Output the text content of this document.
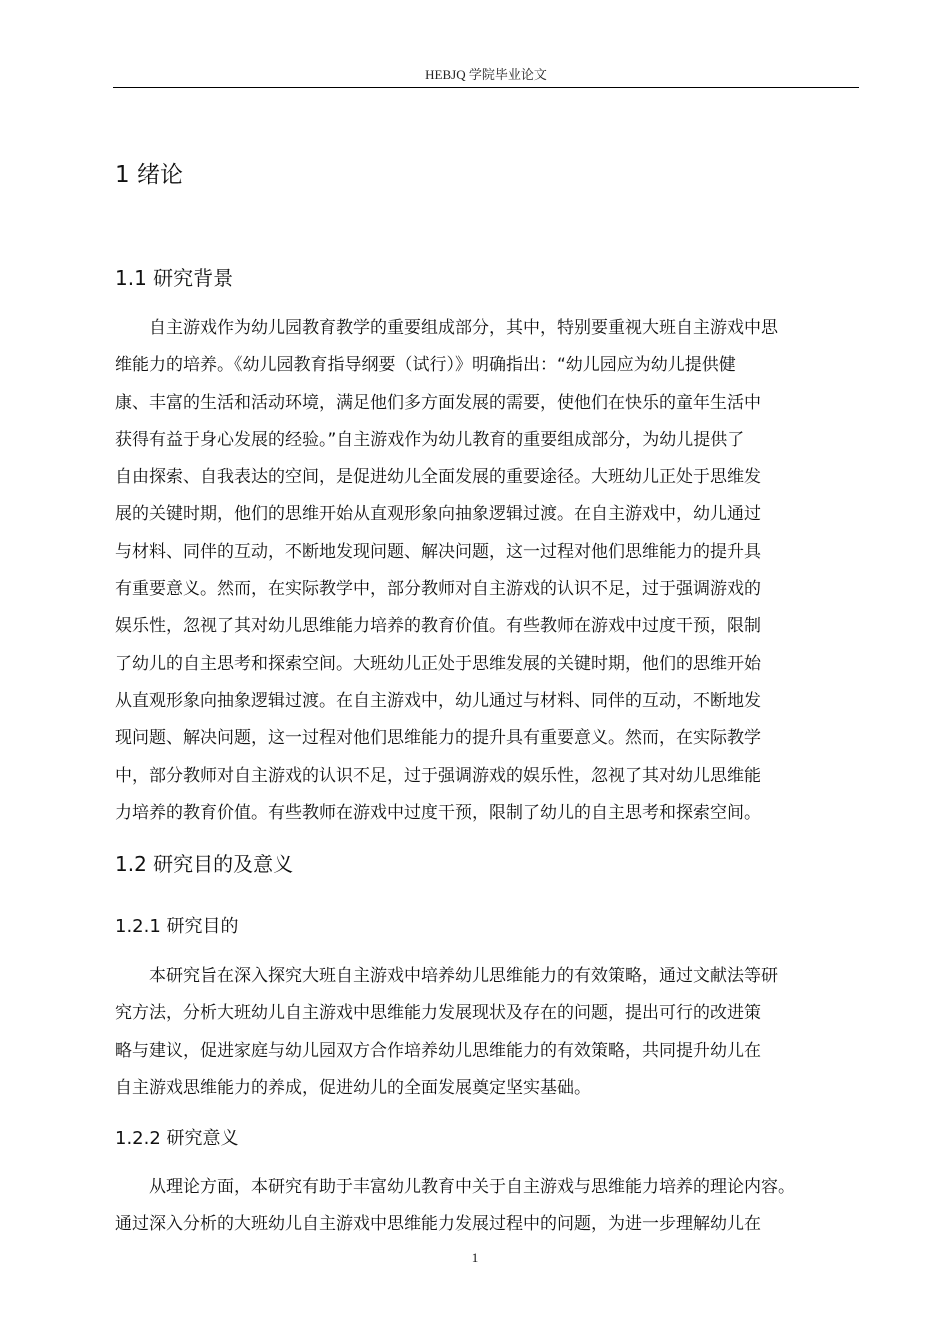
HEBJQ 学院毕业论文
1 绪论
1.1 研究背景
自主游戏作为幼儿园教育教学的重要组成部分，其中，特别要重视大班自主游戏中思
维能力的培养。《幼儿园教育指导纲要（试行）》明确指出：“幼儿园应为幼儿提供健
康、丰富的生活和活动环境，满足他们多方面发展的需要，使他们在快乐的童年生活中
获得有益于身心发展的经验。”自主游戏作为幼儿教育的重要组成部分，为幼儿提供了
自由探索、自我表达的空间，是促进幼儿全面发展的重要途径。大班幼儿正处于思维发
展的关键时期，他们的思维开始从直观形象向抽象逻辑过渡。在自主游戏中，幼儿通过
与材料、同伴的互动，不断地发现问题、解决问题，这一过程对他们思维能力的提升具
有重要意义。然而，在实际教学中，部分教师对自主游戏的认识不足，过于强调游戏的
娱乐性，忽视了其对幼儿思维能力培养的教育价值。有些教师在游戏中过度干预，限制
了幼儿的自主思考和探索空间。大班幼儿正处于思维发展的关键时期，他们的思维开始
从直观形象向抽象逻辑过渡。在自主游戏中，幼儿通过与材料、同伴的互动，不断地发
现问题、解决问题，这一过程对他们思维能力的提升具有重要意义。然而，在实际教学
中，部分教师对自主游戏的认识不足，过于强调游戏的娱乐性，忽视了其对幼儿思维能
力培养的教育价值。有些教师在游戏中过度干预，限制了幼儿的自主思考和探索空间。
1.2 研究目的及意义
1.2.1 研究目的
本研究旨在深入探究大班自主游戏中培养幼儿思维能力的有效策略，通过文献法等研
究方法，分析大班幼儿自主游戏中思维能力发展现状及存在的问题，提出可行的改进策
略与建议，促进家庭与幼儿园双方合作培养幼儿思维能力的有效策略，共同提升幼儿在
自主游戏思维能力的养成，促进幼儿的全面发展奠定坚实基础。
1.2.2 研究意义
从理论方面，本研究有助于丰富幼儿教育中关于自主游戏与思维能力培养的理论内容。
通过深入分析的大班幼儿自主游戏中思维能力发展过程中的问题，为进一步理解幼儿在
1
